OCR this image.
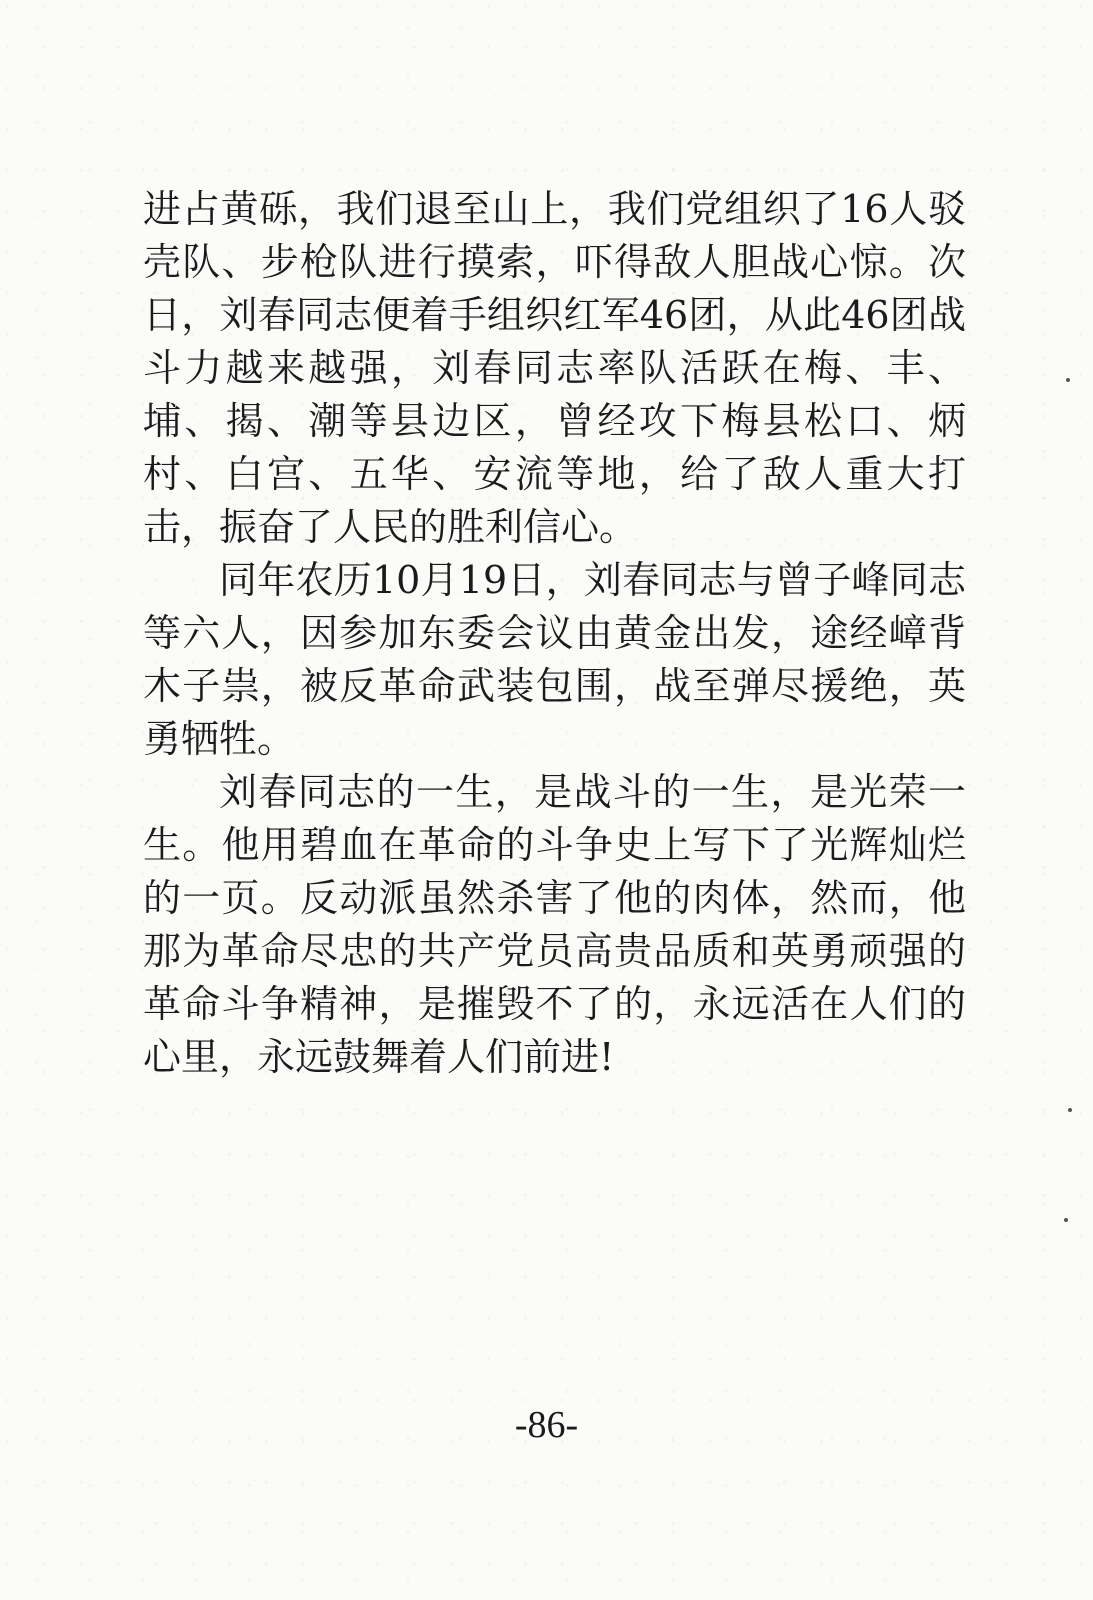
进占黄砾，我们退至山上，我们党组织了16人驳
壳队、步枪队进行摸索，吓得敌人胆战心惊。次
日，刘春同志便着手组织红军46团，从此46团战
斗力越来越强，刘春同志率队活跃在梅、丰、
埔、揭、潮等县边区，曾经攻下梅县松口、炳
村、白宫、五华、安流等地，给了敌人重大打
击，振奋了人民的胜利信心。
同年农历10月19日，刘春同志与曾子峰同志
等六人，因参加东委会议由黄金出发，途经嶂背
木子祟，被反革命武装包围，战至弹尽援绝，英
勇牺牲。
刘春同志的一生，是战斗的一生，是光荣一
生。他用碧血在革命的斗争史上写下了光辉灿烂
的一页。反动派虽然杀害了他的肉体，然而，他
那为革命尽忠的共产党员高贵品质和英勇顽强的
革命斗争精神，是摧毁不了的，永远活在人们的
心里，永远鼓舞着人们前进!
-86-
